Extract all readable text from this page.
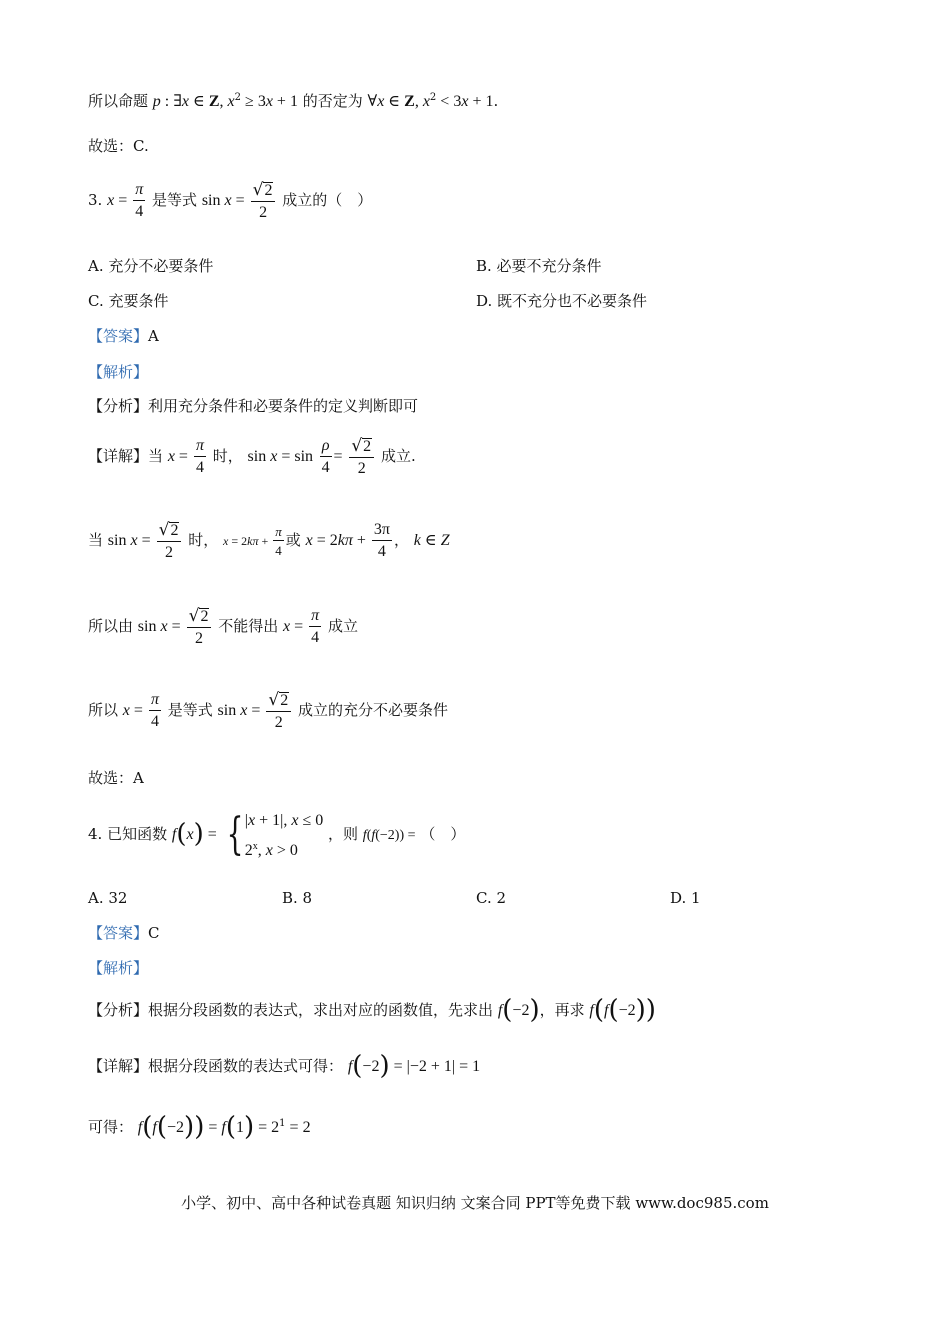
所以命题 p : ∃x ∈ Z, $x^2 \ge 3x + 1$ 的否定为 ∀x ∈ Z, $x^2 < 3x + 1$.
故选：C.
3. $x = \frac{\pi}{4}$ 是等式 $\sin x = \frac{√ 2}{2}$ 成立的（　）
A. 充分不必要条件	B. 必要不充分条件
C. 充要条件	D. 既不充分也不必要条件
【答案】A
【解析】
【分析】利用充分条件和必要条件的定义判断即可
【详解】当 $x = \frac{\pi}{4}$ 时， $\sin x = \sin \frac{\rho}{4} = \frac{√ 2}{2}$ 成立.
当 $\sin x = \frac{√ 2}{2}$ 时， $x = 2k\pi + \frac{\pi}{4}$ 或 $x = 2k\pi + \frac{3\pi}{4}$ ， k ∈ Z
所以由 $\sin x = \frac{√ 2}{2}$ 不能得出 $x = \frac{\pi}{4}$ 成立
所以 $x = \frac{\pi}{4}$ 是等式 $\sin x = \frac{√ 2}{2}$ 成立的充分不必要条件
故选：A
4. 已知函数 f(x) = { |x + 1|, x ≤ 0
2$^x$, x > 0
，则 f(f(−2)) = （　）
A. 32	B. 8	C. 2	D. 1
【答案】C
【解析】
【分析】根据分段函数的表达式，求出对应的函数值，先求出 f(−2)，再求 f(f(−2))
【详解】根据分段函数的表达式可得： f(−2) = |−2 + 1| = 1
可得： $f(f(-2)) = f(1) = 2^1 = 2$
小学、初中、高中各种试卷真题 知识归纳 文案合同 PPT等免费下载 www.doc985.com
